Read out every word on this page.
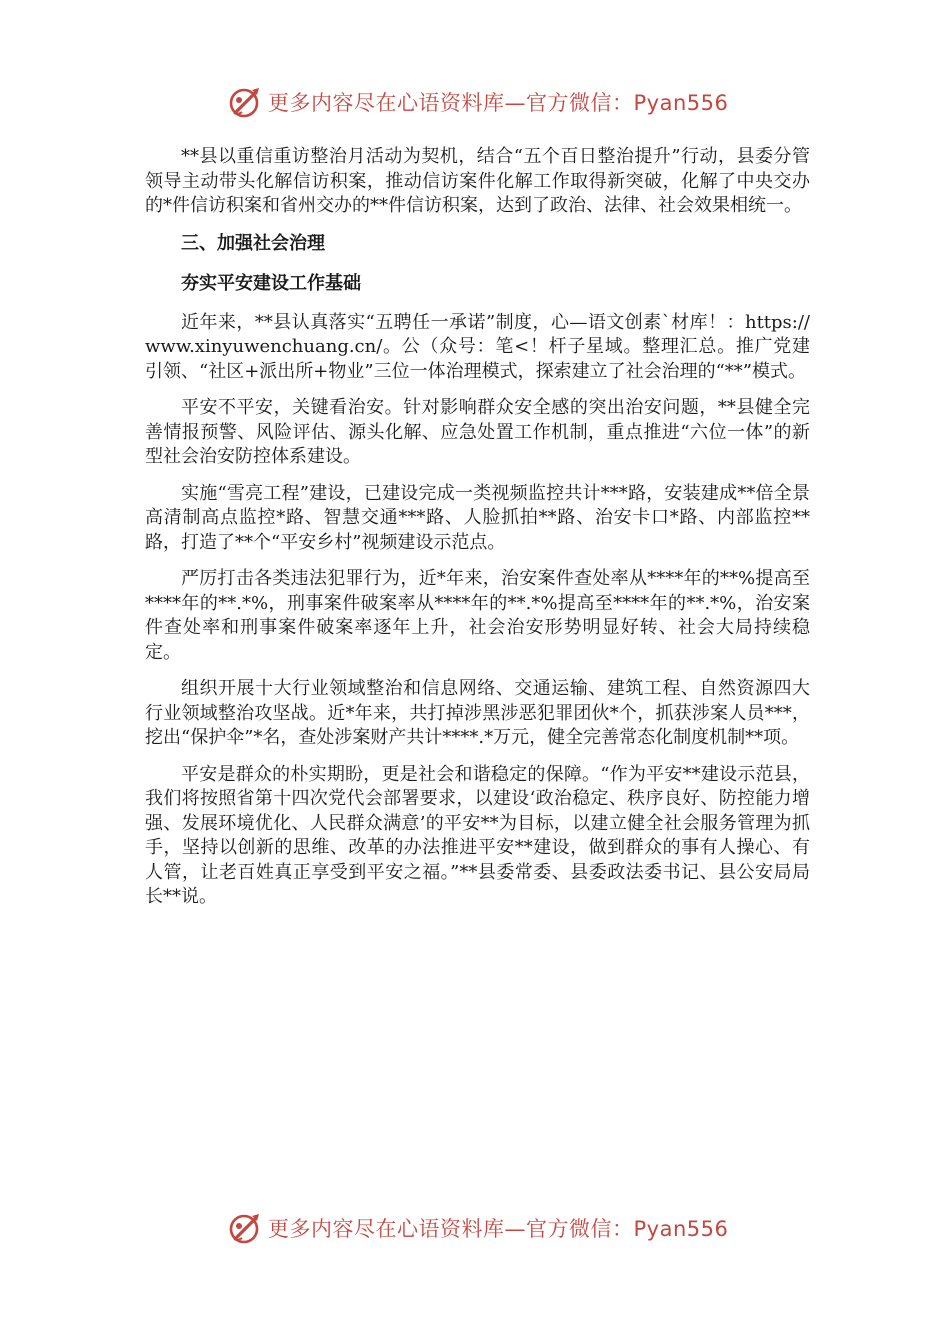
更多内容尽在心语资料库—官方微信：Pyan556

**县以重信重访整治月活动为契机，结合“五个百日整治提升”行动，县委分管领导主动带头化解信访积案，推动信访案件化解工作取得新突破，化解了中央交办的*件信访积案和省州交办的**件信访积案，达到了政治、法律、社会效果相统一。

三、加强社会治理

夯实平安建设工作基础

近年来，**县认真落实“五聘任一承诺”制度，心—语文创素`材库！：https://www.xinyuwenchuang.cn/。公（众号：笔<！杆子星域。整理汇总。推广党建引领、“社区+派出所+物业”三位一体治理模式，探索建立了社会治理的“**”模式。

平安不平安，关键看治安。针对影响群众安全感的突出治安问题，**县健全完善情报预警、风险评估、源头化解、应急处置工作机制，重点推进“六位一体”的新型社会治安防控体系建设。

实施“雪亮工程”建设，已建设完成一类视频监控共计***路，安装建成**倍全景高清制高点监控*路、智慧交通***路、人脸抓拍**路、治安卡口*路、内部监控**路，打造了**个“平安乡村”视频建设示范点。

严厉打击各类违法犯罪行为，近*年来，治安案件查处率从****年的**%提高至****年的**.*%，刑事案件破案率从****年的**.*%提高至****年的**.*%，治安案件查处率和刑事案件破案率逐年上升，社会治安形势明显好转、社会大局持续稳定。

组织开展十大行业领域整治和信息网络、交通运输、建筑工程、自然资源四大行业领域整治攻坚战。近*年来，共打掉涉黑涉恶犯罪团伙*个，抓获涉案人员***，挖出“保护伞”*名，查处涉案财产共计****.*万元，健全完善常态化制度机制**项。

平安是群众的朴实期盼，更是社会和谐稳定的保障。“作为平安**建设示范县，我们将按照省第十四次党代会部署要求，以建设‘政治稳定、秩序良好、防控能力增强、发展环境优化、人民群众满意’的平安**为目标，以建立健全社会服务管理为抓手，坚持以创新的思维、改革的办法推进平安**建设，做到群众的事有人操心、有人管，让老百姓真正享受到平安之福。”**县委常委、县委政法委书记、县公安局局长**说。

更多内容尽在心语资料库—官方微信：Pyan556
